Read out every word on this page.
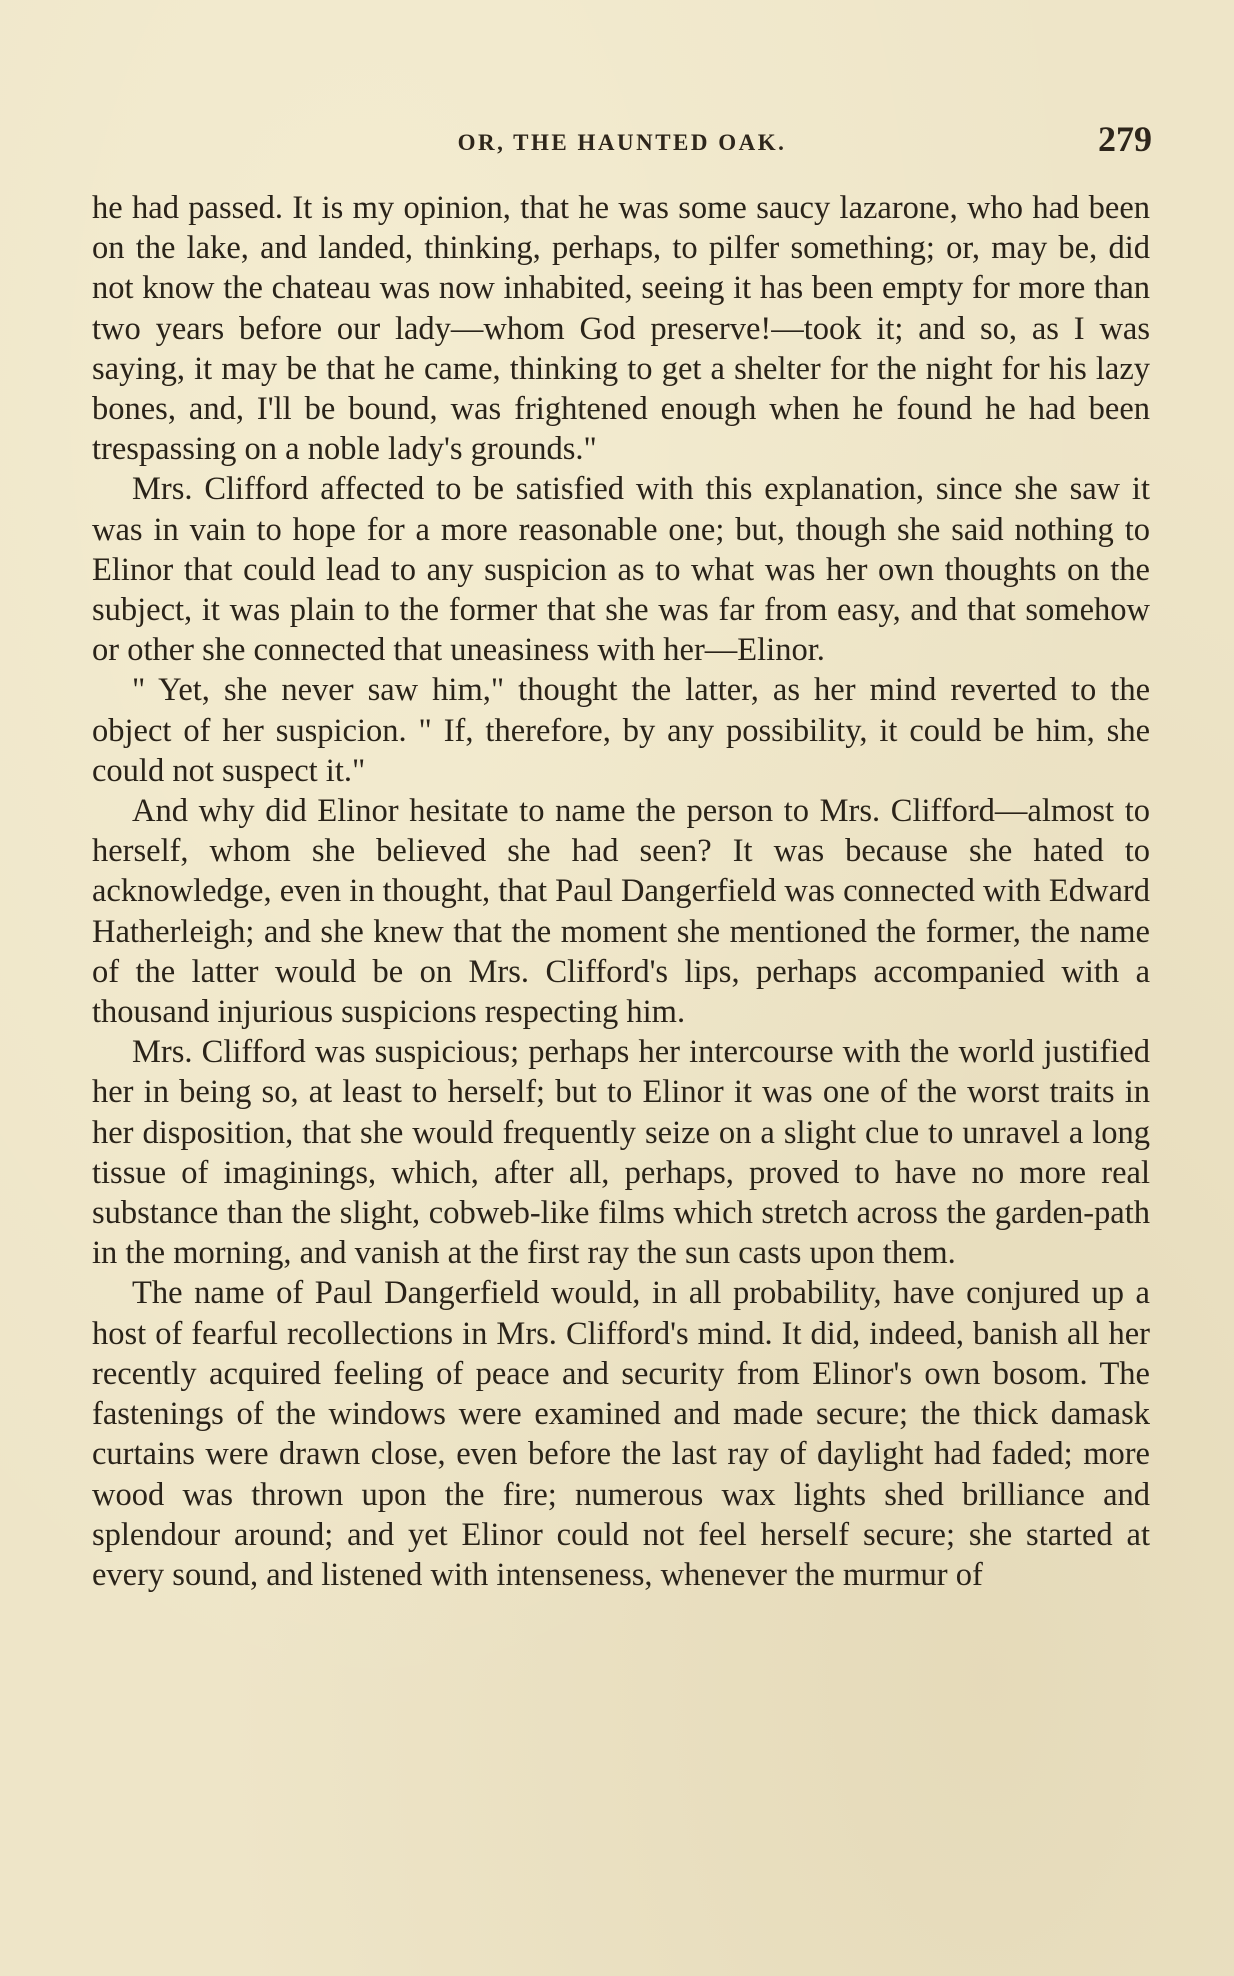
OR, THE HAUNTED OAK.	279

he had passed. It is my opinion, that he was some saucy lazarone, who had been on the lake, and landed, thinking, perhaps, to pilfer something; or, may be, did not know the chateau was now inhabited, seeing it has been empty for more than two years before our lady—whom God preserve!—took it; and so, as I was saying, it may be that he came, thinking to get a shelter for the night for his lazy bones, and, I'll be bound, was frightened enough when he found he had been trespassing on a noble lady's grounds."

Mrs. Clifford affected to be satisfied with this explanation, since she saw it was in vain to hope for a more reasonable one; but, though she said nothing to Elinor that could lead to any suspicion as to what was her own thoughts on the subject, it was plain to the former that she was far from easy, and that somehow or other she connected that uneasiness with her—Elinor.

" Yet, she never saw him," thought the latter, as her mind reverted to the object of her suspicion. " If, therefore, by any possibility, it could be him, she could not suspect it."

And why did Elinor hesitate to name the person to Mrs. Clifford—almost to herself, whom she believed she had seen? It was because she hated to acknowledge, even in thought, that Paul Dangerfield was connected with Edward Hatherleigh; and she knew that the moment she mentioned the former, the name of the latter would be on Mrs. Clifford's lips, perhaps accompanied with a thousand injurious suspicions respecting him.

Mrs. Clifford was suspicious; perhaps her intercourse with the world justified her in being so, at least to herself; but to Elinor it was one of the worst traits in her disposition, that she would frequently seize on a slight clue to unravel a long tissue of imaginings, which, after all, perhaps, proved to have no more real substance than the slight, cobweb-like films which stretch across the garden-path in the morning, and vanish at the first ray the sun casts upon them.

The name of Paul Dangerfield would, in all probability, have conjured up a host of fearful recollections in Mrs. Clifford's mind. It did, indeed, banish all her recently acquired feeling of peace and security from Elinor's own bosom. The fastenings of the windows were examined and made secure; the thick damask curtains were drawn close, even before the last ray of daylight had faded; more wood was thrown upon the fire; numerous wax lights shed brilliance and splendour around; and yet Elinor could not feel herself secure; she started at every sound, and listened with intenseness, whenever the murmur of
